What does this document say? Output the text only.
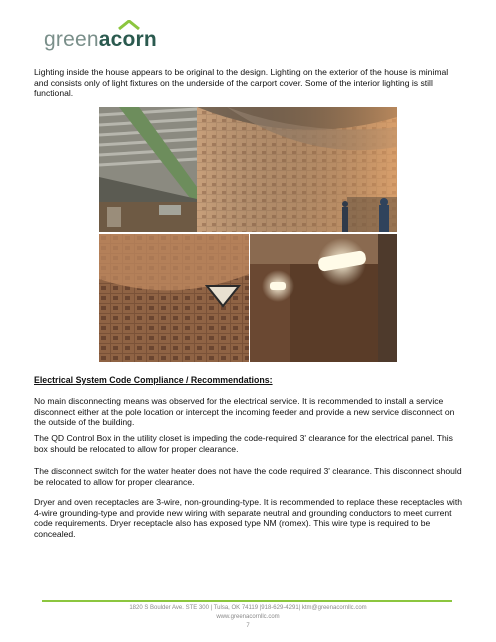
greenacorn

Lighting inside the house appears to be original to the design. Lighting on the exterior of the house is minimal and consists only of light fixtures on the underside of the carport cover. Some of the interior lighting is still functional.

Electrical System Code Compliance / Recommendations:

No main disconnecting means was observed for the electrical service. It is recommended to install a service disconnect either at the pole location or intercept the incoming feeder and provide a new service disconnect on the outside of the building.

The QD Control Box in the utility closet is impeding the code-required 3' clearance for the electrical panel. This box should be relocated to allow for proper clearance.

The disconnect switch for the water heater does not have the code required 3' clearance. This disconnect should be relocated to allow for proper clearance.

Dryer and oven receptacles are 3-wire, non-grounding-type. It is recommended to replace these receptacles with 4-wire grounding-type and provide new wiring with separate neutral and grounding conductors to meet current code requirements. Dryer receptacle also has exposed type NM (romex). This wire type is required to be concealed.

1820 S Boulder Ave. STE 300 | Tulsa, OK 74119 |918-629-4291| ktm@greenacornllc.com
www.greenacornllc.com
7
